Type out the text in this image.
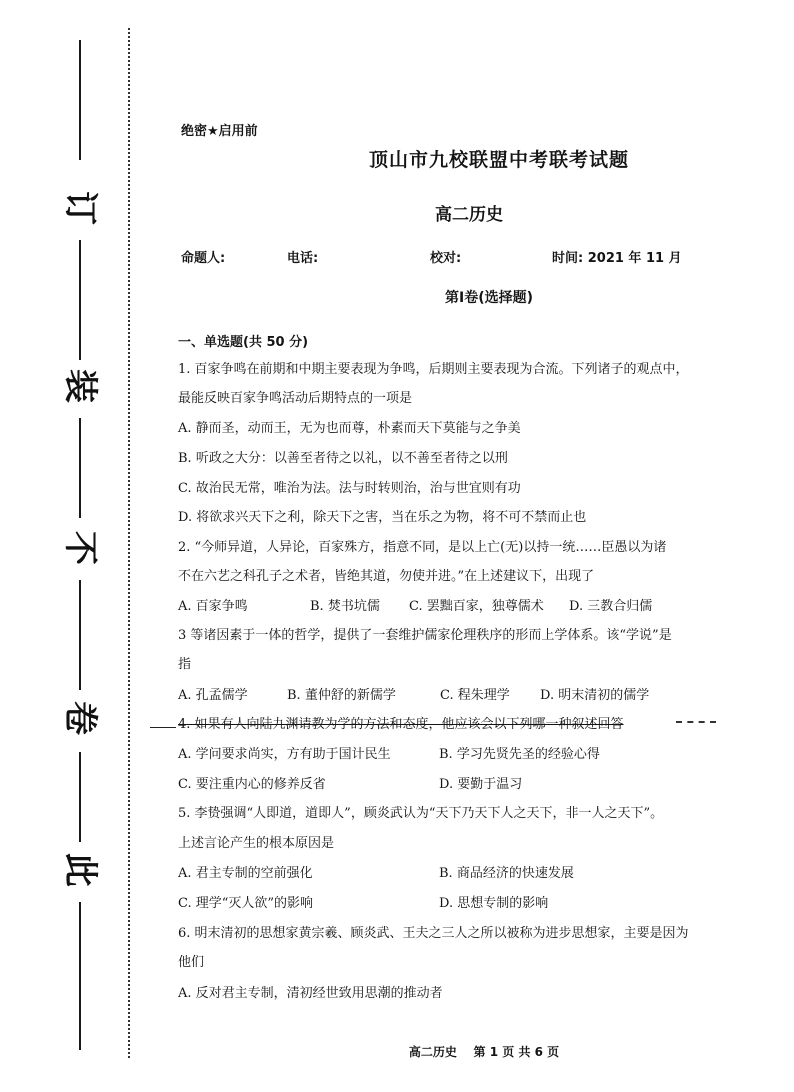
订
装
不
卷
此
绝密★启用前
顶山市九校联盟中考联考试题
高二历史
命题人:	电话:	校对:	时间: 2021 年 11 月
第Ⅰ卷(选择题)
一、单选题(共 50 分)
1. 百家争鸣在前期和中期主要表现为争鸣，后期则主要表现为合流。下列诸子的观点中，
最能反映百家争鸣活动后期特点的一项是
A. 静而圣，动而王，无为也而尊，朴素而天下莫能与之争美
B. 听政之大分：以善至者待之以礼，以不善至者待之以刑
C. 故治民无常，唯治为法。法与时转则治，治与世宜则有功
D. 将欲求兴天下之利，除天下之害，当在乐之为物，将不可不禁而止也
2. “今师异道，人异论，百家殊方，指意不同，是以上亡(无)以持一统……臣愚以为诸
不在六艺之科孔子之术者，皆绝其道，勿使并进。”在上述建议下，出现了
A. 百家争鸣	B. 焚书坑儒 C. 罢黜百家，独尊儒术 D. 三教合归儒
3 等诸因素于一体的哲学，提供了一套维护儒家伦理秩序的形而上学体系。该“学说”是
指
A. 孔孟儒学	B. 董仲舒的新儒学	C. 程朱理学 D. 明末清初的儒学
4. 如果有人向陆九渊请教为学的方法和态度，他应该会以下列哪一种叙述回答
A. 学问要求尚实，方有助于国计民生	B. 学习先贤先圣的经验心得
C. 要注重内心的修养反省	D. 要勤于温习
5. 李贽强调“人即道，道即人”，顾炎武认为“天下乃天下人之天下，非一人之天下”。
上述言论产生的根本原因是
A. 君主专制的空前强化	B. 商品经济的快速发展
C. 理学“灭人欲”的影响	D. 思想专制的影响
6. 明末清初的思想家黄宗羲、顾炎武、王夫之三人之所以被称为进步思想家，主要是因为
他们
A. 反对君主专制，清初经世致用思潮的推动者
高二历史    第 1 页 共 6 页
